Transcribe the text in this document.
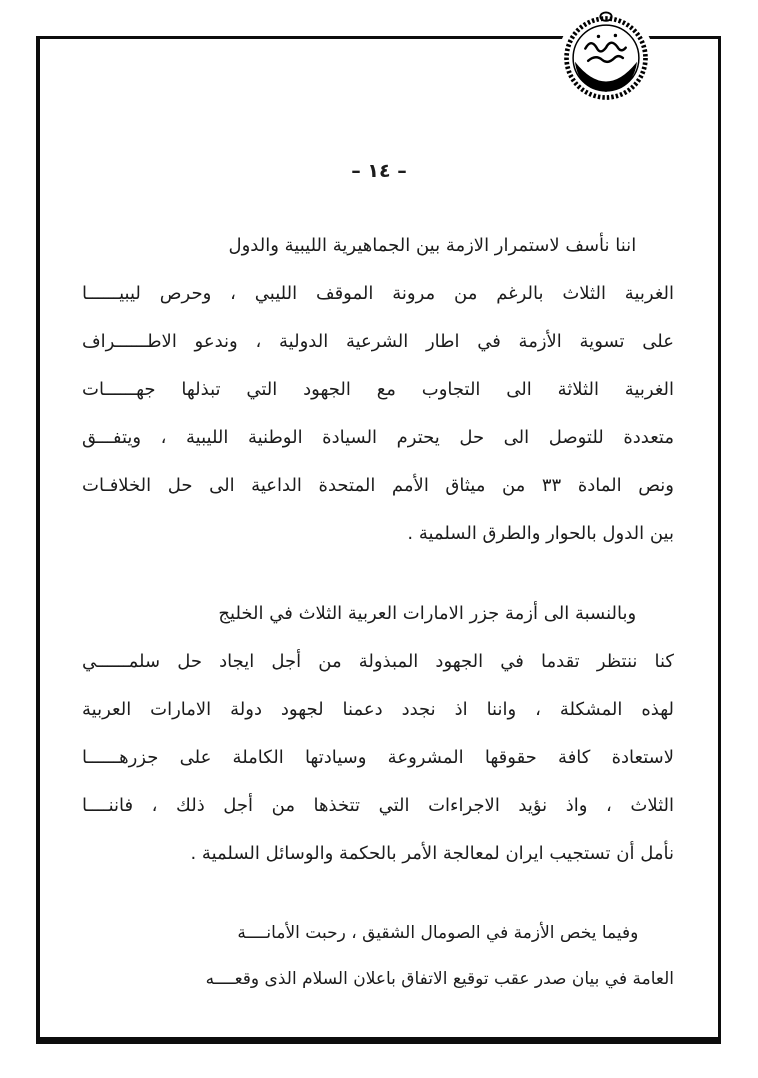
– ١٤ –
اننا نأسف لاستمرار الازمة بين الجماهيرية الليبية والدول
الغربية الثلاث بالرغم من مرونة الموقف الليبي ، وحرص ليبيــــــا
على تسوية الأزمة في اطار الشرعية الدولية ، وندعو الاطــــــراف
الغربية الثلاثة الى التجاوب مع الجهود التي تبذلها جهــــــات
متعددة للتوصل الى حل يحترم السيادة الوطنية الليبية ، ويتفـــق
ونص المادة ٣٣ من ميثاق الأمم المتحدة الداعية الى حل الخلافـات
بين الدول بالحوار والطرق السلمية .
وبالنسبة الى أزمة جزر الامارات العربية الثلاث في الخليج
كنا ننتظر تقدما في الجهود المبذولة من أجل ايجاد حل سلمــــــي
لهذه المشكلة ، واننا اذ نجدد دعمنا لجهود دولة الامارات العربية
لاستعادة كافة حقوقها المشروعة وسيادتها الكاملة على جزرهــــــا
الثلاث ، واذ نؤيد الاجراءات التي تتخذها من أجل ذلك ، فاننــــا
نأمل أن تستجيب ايران لمعالجة الأمر بالحكمة والوسائل السلمية .
وفيما يخص الأزمة في الصومال الشقيق ، رحبت الأمانــــة
العامة في بيان صدر عقب توقيع الاتفاق باعلان السلام الذى وقعــــه
